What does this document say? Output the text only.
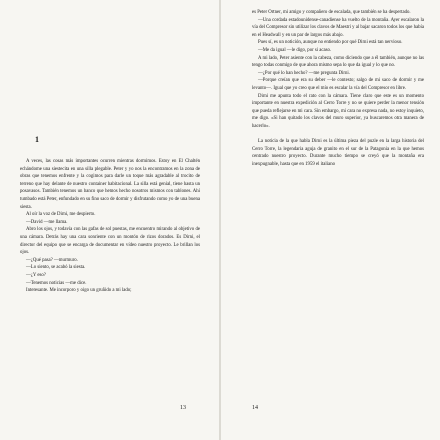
1

A veces, las cosas más importantes ocurren mientras dormimos. Estoy en El Chaltén echándome una siestecita en una silla plegable. Peter y yo nos la encontramos en la zona de obras que tenemos enfrente y la cogimos para darle un toque más agradable al trocito de terreno que hay delante de nuestro container habitacional. La silla está genial, tiene hasta un posavasos. También tenemos un banco que hemos hecho nosotros mismos con tablones. Ahí tumbado está Peter, enfundado en su fino saco de dormir y disfrutando como yo de una buena siesta.

Al oír la voz de Dirni, me despierto.

—David —me llama.

Abro los ojos, y todavía con las gafas de sol puestas, me encuentro mirando al objetivo de una cámara. Detrás hay una cara sonriente con un montón de rizos dorados. Es Dirni, el director del equipo que se encarga de documentar en vídeo nuestro proyecto. Le brillan los ojos.

—¿Qué pasa? —murmuro.

—Lo siento, se acabó la siesta.

—¿Y eso?

—Tenemos noticias —me dice.

Interesante. Me incorporo y oigo un gruñido a mi lado;

13

es Peter Ortner, mi amigo y compañero de escalada, que también se ha despertado.

—Una cordada estadounidense-canadiense ha vuelto de la montaña. Ayer escalaron la vía del Compresor sin utilizar los clavos de Maestri y al bajar sacaron todos los que había en el Headwall y en un par de largos más abajo.

Pues sí, es un notición, aunque no entiendo por qué Dirni está tan nervioso.

—Me da igual —le digo, por si acaso.

A mi lado, Peter asiente con la cabeza, como diciendo que a él también, aunque no las tengo todas conmigo de que ahora mismo sepa lo que da igual y lo que no.

—¿Por qué lo han hecho? —me pregunta Dirni.

—Porque creían que era su deber —le contesto; salgo de mi saco de dormir y me levanto—. Igual que yo creo que el mío es escalar la vía del Compresor en libre.

Dirni me apunta todo el rato con la cámara. Tiene claro que este es un momento importante en nuestra expedición al Cerro Torre y no se quiere perder la menor tensión que pueda reflejarse en mi cara. Sin embargo, mi cara no expresa nada, no estoy inquieto, me digo. «Si han quitado los clavos del muro superior, ya buscaremos otra manera de hacerlo».

La noticia de la que habla Dirni es la última pieza del puzle en la larga historia del Cerro Torre, la legendaria aguja de granito en el sur de la Patagonia en la que hemos centrado nuestro proyecto. Durante mucho tiempo se creyó que la montaña era inexpugnable, hasta que en 1959 el italiano

14
